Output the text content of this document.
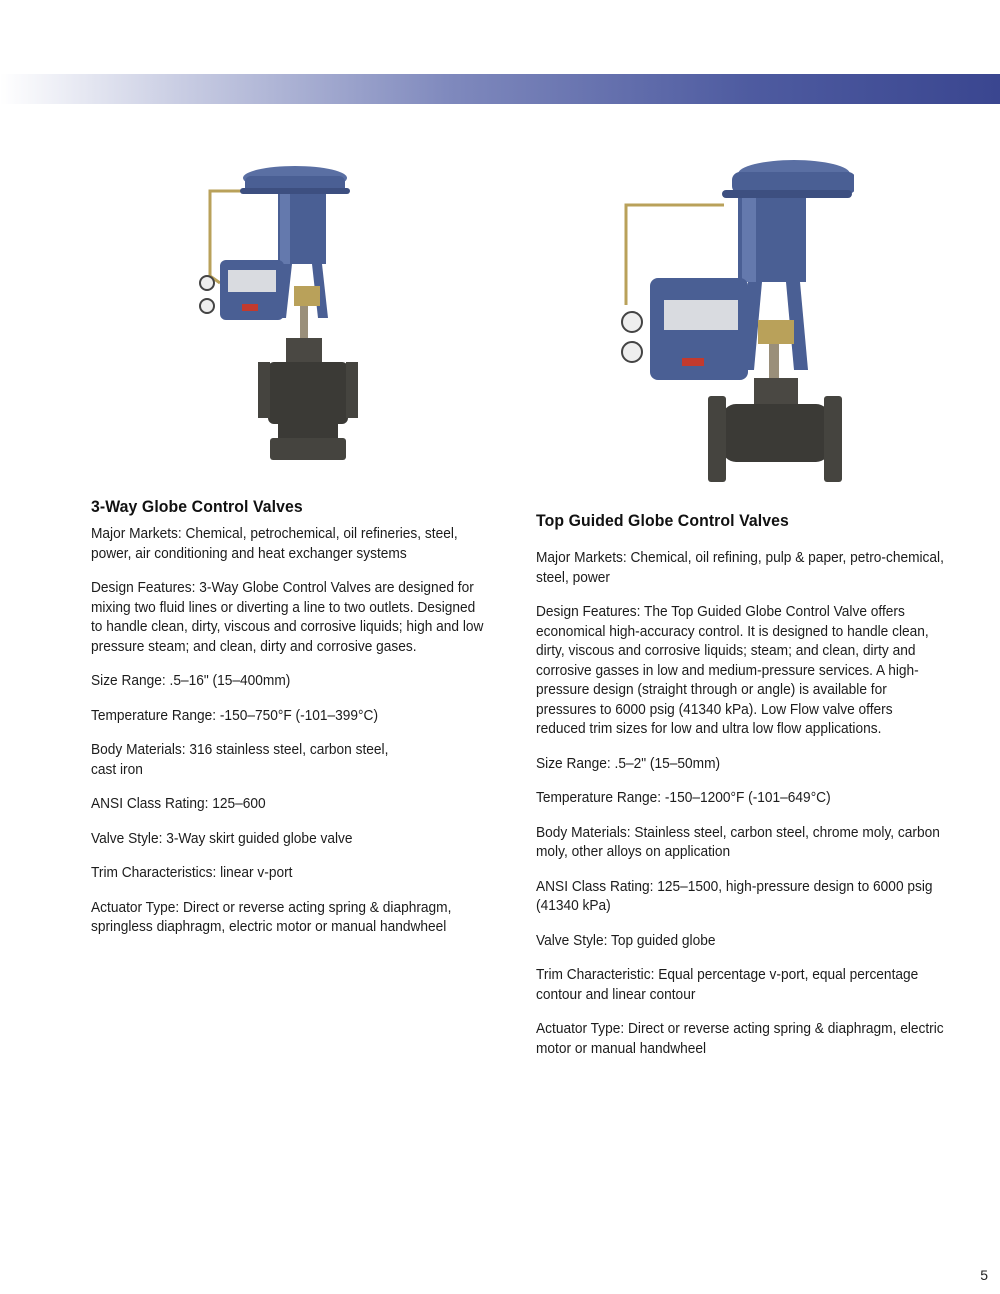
3-Way Globe Control Valves

Major Markets: Chemical, petrochemical, oil refineries, steel, power, air conditioning and heat exchanger systems

Design Features: 3-Way Globe Control Valves are designed for mixing two fluid lines or diverting a line to two outlets. Designed to handle clean, dirty, viscous and corrosive liquids; high and low pressure steam; and clean, dirty and corrosive gases.

Size Range: .5–16" (15–400mm)

Temperature Range: -150–750°F (-101–399°C)

Body Materials: 316 stainless steel, carbon steel, cast iron

ANSI Class Rating: 125–600

Valve Style: 3-Way skirt guided globe valve

Trim Characteristics: linear v-port

Actuator Type: Direct or reverse acting spring & diaphragm, springless diaphragm, electric motor or manual handwheel

Top Guided Globe Control Valves

Major Markets: Chemical, oil refining, pulp & paper, petro-chemical, steel, power

Design Features: The Top Guided Globe Control Valve offers economical high-accuracy control. It is designed to handle clean, dirty, viscous and corrosive liquids; steam; and clean, dirty and corrosive gasses in low and medium-pressure services. A high-pressure design (straight through or angle) is available for pressures to 6000 psig (41340 kPa). Low Flow valve offers reduced trim sizes for low and ultra low flow applications.

Size Range: .5–2" (15–50mm)

Temperature Range: -150–1200°F (-101–649°C)

Body Materials: Stainless steel, carbon steel, chrome moly, carbon moly, other alloys on application

ANSI Class Rating: 125–1500, high-pressure design to 6000 psig (41340 kPa)

Valve Style: Top guided globe

Trim Characteristic: Equal percentage v-port, equal percentage contour and linear contour

Actuator Type: Direct or reverse acting spring & diaphragm, electric motor or manual handwheel

5
